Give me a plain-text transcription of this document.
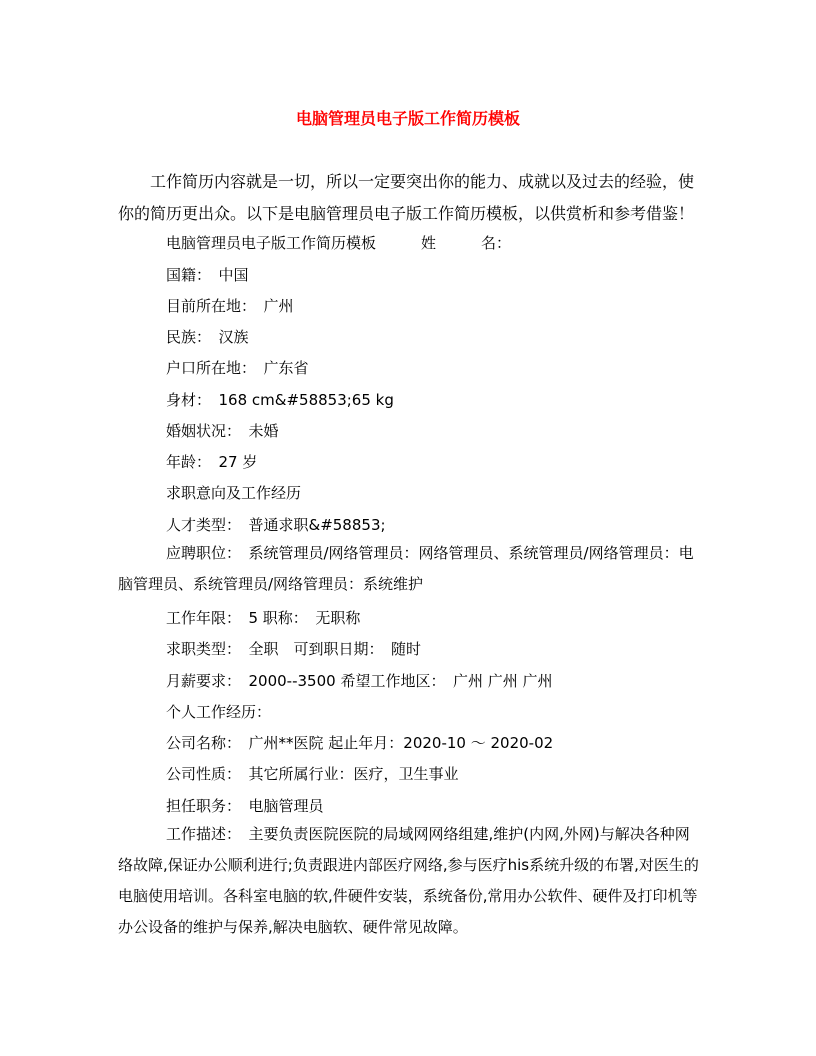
电脑管理员电子版工作简历模板

工作简历内容就是一切，所以一定要突出你的能力、成就以及过去的经验，使你的简历更出众。以下是电脑管理员电子版工作简历模板，以供赏析和参考借鉴！

电脑管理员电子版工作简历模板　　　姓　　　名：
国籍：　中国
目前所在地：　广州
民族：　汉族
户口所在地：　广东省
身材：　168 cm&#58853;65 kg
婚姻状况：　未婚
年龄：　27 岁
求职意向及工作经历
人才类型：　普通求职&#58853;

应聘职位：　系统管理员/网络管理员：网络管理员、系统管理员/网络管理员：电脑管理员、系统管理员/网络管理员：系统维护

工作年限：　5 职称：　无职称
求职类型：　全职　可到职日期：　随时
月薪要求：　2000--3500 希望工作地区：　广州 广州 广州
个人工作经历：
公司名称：　广州**医院 起止年月：2020-10 ～ 2020-02
公司性质：　其它所属行业：医疗，卫生事业
担任职务：　电脑管理员

工作描述：　主要负责医院医院的局域网网络组建,维护(内网,外网)与解决各种网络故障,保证办公顺利进行;负责跟进内部医疗网络,参与医疗his系统升级的布署,对医生的电脑使用培训。各科室电脑的软,件硬件安装，系统备份,常用办公软件、硬件及打印机等办公设备的维护与保养,解决电脑软、硬件常见故障。
